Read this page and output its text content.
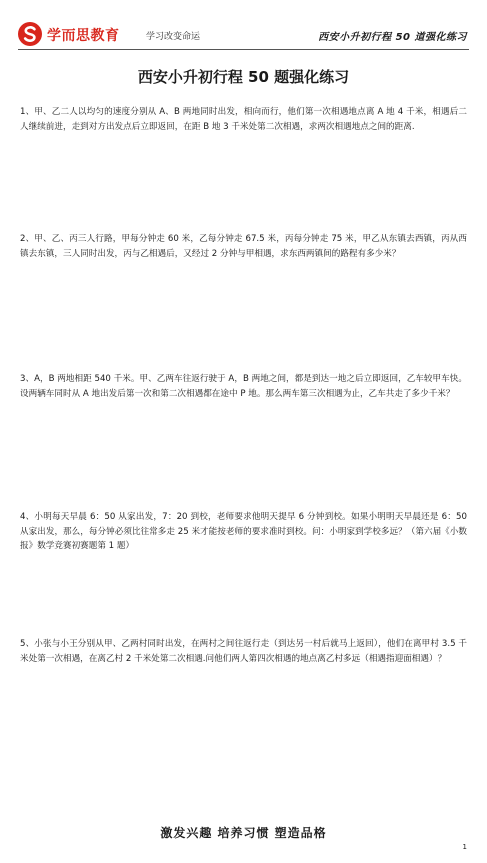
学而思教育	学习改变命运	西安小升初行程 50 道强化练习
西安小升初行程 50 题强化练习
1、甲、乙二人以均匀的速度分别从 A、B 两地同时出发，相向而行，他们第一次相遇地点离 A 地 4 千米，相遇后二人继续前进，走到对方出发点后立即返回，在距 B 地 3 千米处第二次相遇，求两次相遇地点之间的距离.
2、甲、乙、丙三人行路，甲每分钟走 60 米，乙每分钟走 67.5 米，丙每分钟走 75 米，甲乙从东镇去西镇，丙从西镇去东镇，三人同时出发，丙与乙相遇后，又经过 2 分钟与甲相遇，求东西两镇间的路程有多少米？
3、A，B 两地相距 540 千米。甲、乙两车往返行驶于 A，B 两地之间，都是到达一地之后立即返回，乙车较甲车快。设两辆车同时从 A 地出发后第一次和第二次相遇都在途中 P 地。那么两车第三次相遇为止，乙车共走了多少千米？
4、小明每天早晨 6：50 从家出发，7：20 到校，老师要求他明天提早 6 分钟到校。如果小明明天早晨还是 6：50 从家出发，那么，每分钟必须比往常多走 25 米才能按老师的要求准时到校。问：小明家到学校多远？（第六届《小数报》数学竞赛初赛题第 1 题）
5、小张与小王分别从甲、乙两村同时出发，在两村之间往返行走（到达另一村后就马上返回），他们在离甲村 3.5 千米处第一次相遇，在离乙村 2 千米处第二次相遇.问他们两人第四次相遇的地点离乙村多远（相遇指迎面相遇）？
激发兴趣 培养习惯 塑造品格
1
